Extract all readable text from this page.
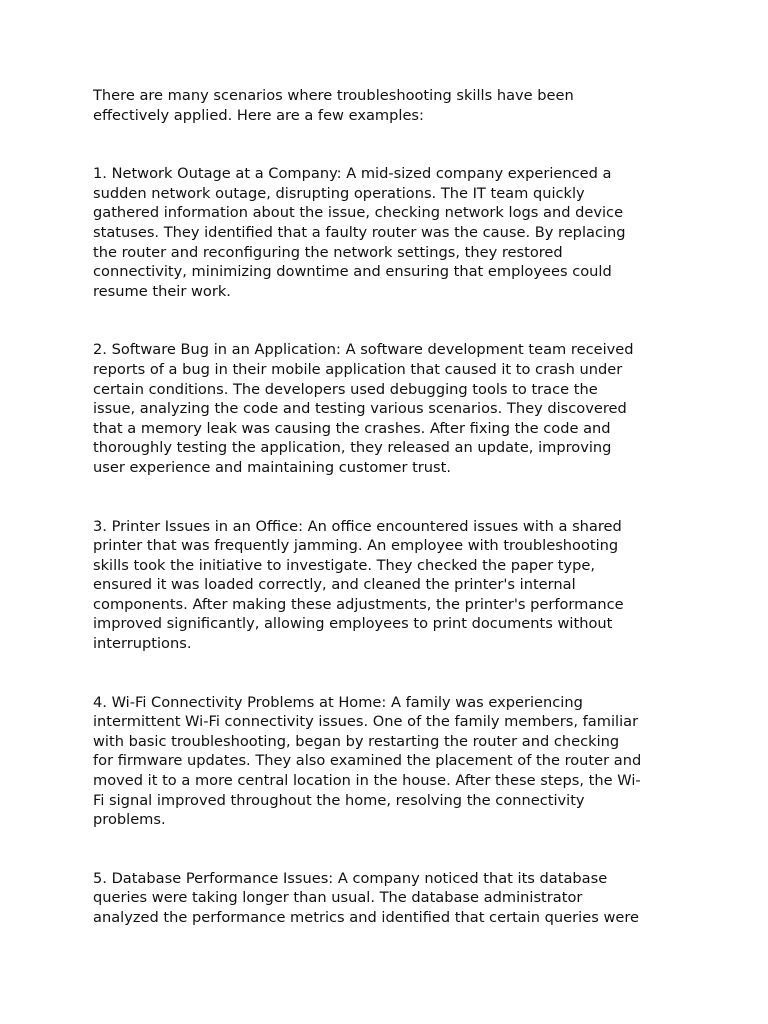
There are many scenarios where troubleshooting skills have been
effectively applied. Here are a few examples:

1. Network Outage at a Company: A mid-sized company experienced a
sudden network outage, disrupting operations. The IT team quickly
gathered information about the issue, checking network logs and device
statuses. They identified that a faulty router was the cause. By replacing
the router and reconfiguring the network settings, they restored
connectivity, minimizing downtime and ensuring that employees could
resume their work.

2. Software Bug in an Application: A software development team received
reports of a bug in their mobile application that caused it to crash under
certain conditions. The developers used debugging tools to trace the
issue, analyzing the code and testing various scenarios. They discovered
that a memory leak was causing the crashes. After fixing the code and
thoroughly testing the application, they released an update, improving
user experience and maintaining customer trust.

3. Printer Issues in an Office: An office encountered issues with a shared
printer that was frequently jamming. An employee with troubleshooting
skills took the initiative to investigate. They checked the paper type,
ensured it was loaded correctly, and cleaned the printer's internal
components. After making these adjustments, the printer's performance
improved significantly, allowing employees to print documents without
interruptions.

4. Wi-Fi Connectivity Problems at Home: A family was experiencing
intermittent Wi-Fi connectivity issues. One of the family members, familiar
with basic troubleshooting, began by restarting the router and checking
for firmware updates. They also examined the placement of the router and
moved it to a more central location in the house. After these steps, the Wi-
Fi signal improved throughout the home, resolving the connectivity
problems.

5. Database Performance Issues: A company noticed that its database
queries were taking longer than usual. The database administrator
analyzed the performance metrics and identified that certain queries were
